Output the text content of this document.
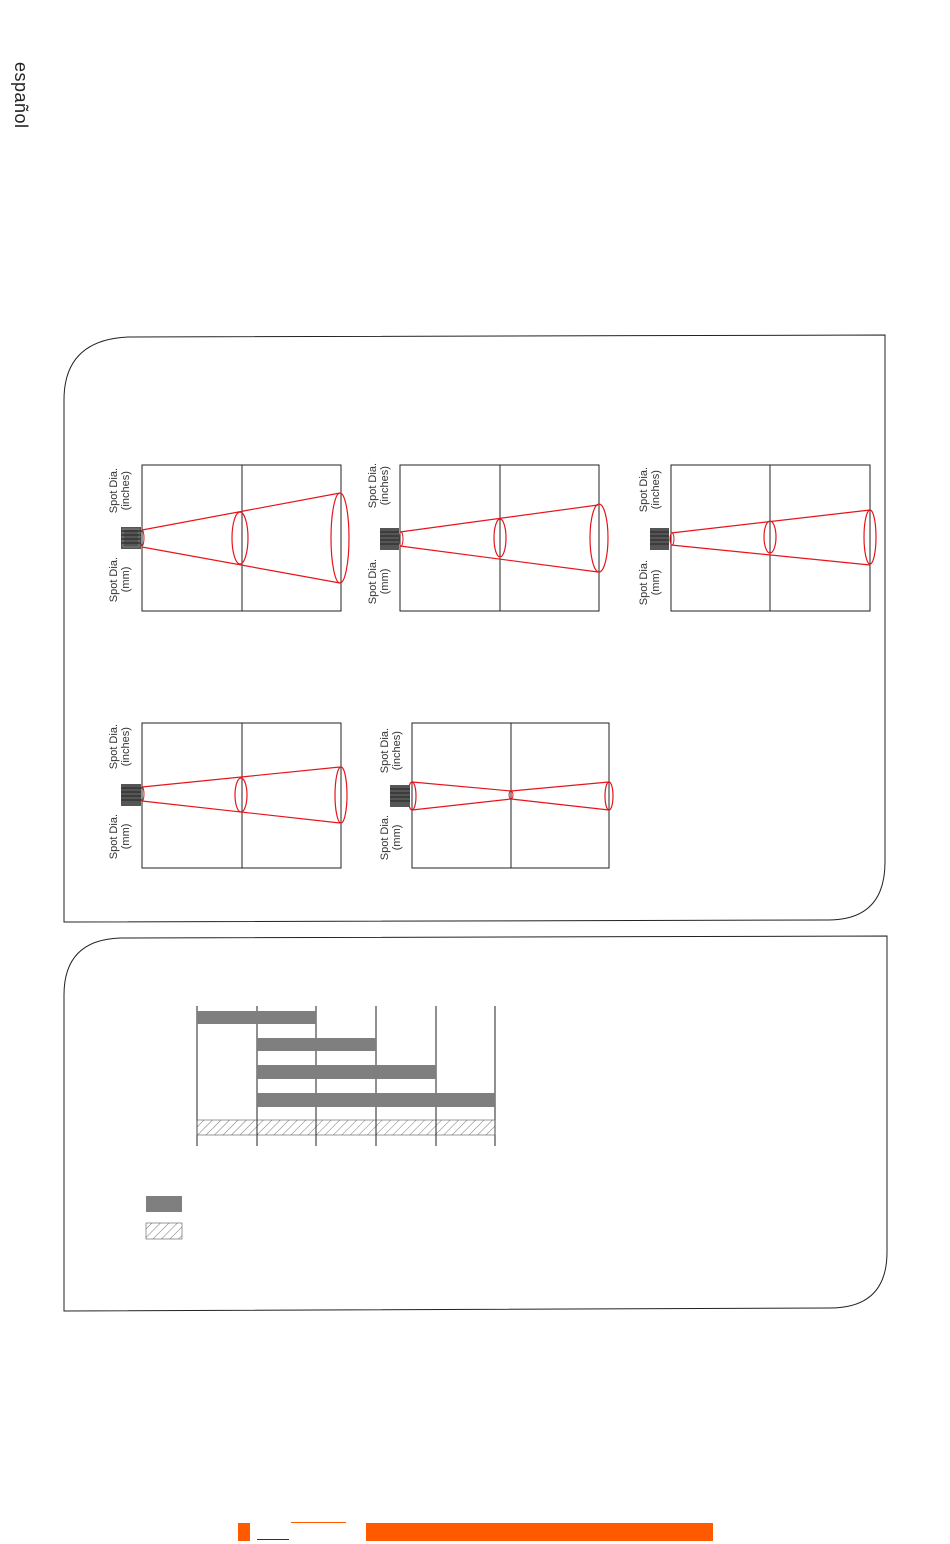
español
Spot Dia.
(inches)
Spot Dia.
(mm)
Spot Dia.
(inches)
Spot Dia.
(mm)
Spot Dia.
(inches)
Spot Dia.
(mm)
Spot Dia.
(inches)
Spot Dia.
(mm)
Spot Dia.
(inches)
Spot Dia.
(mm)
